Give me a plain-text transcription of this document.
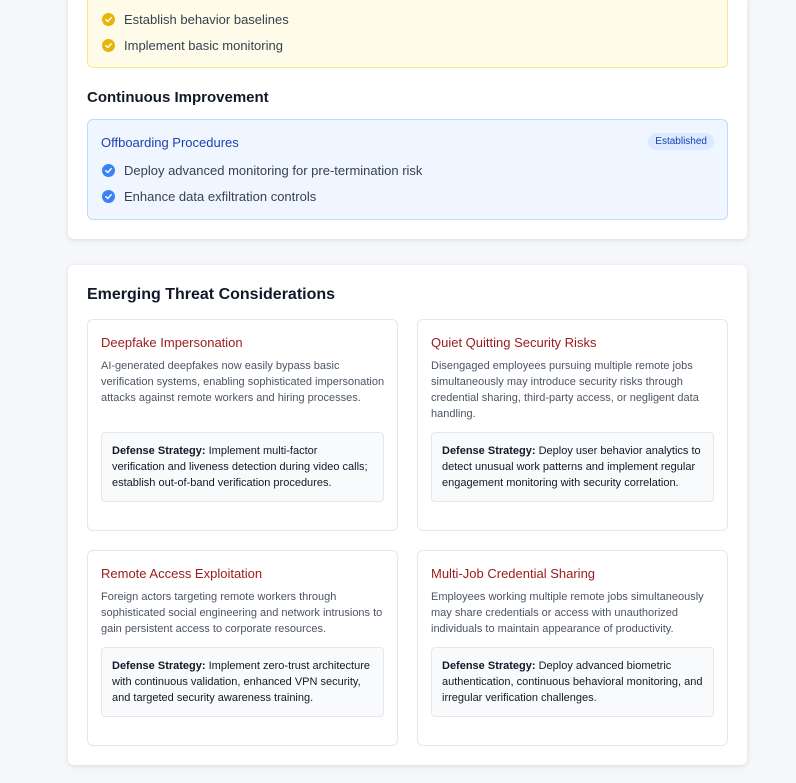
Establish behavior baselines
Implement basic monitoring
Continuous Improvement
Offboarding Procedures	Established
Deploy advanced monitoring for pre-termination risk
Enhance data exfiltration controls
Emerging Threat Considerations
Deepfake Impersonation
AI-generated deepfakes now easily bypass basic verification systems, enabling sophisticated impersonation attacks against remote workers and hiring processes.
Defense Strategy: Implement multi-factor verification and liveness detection during video calls; establish out-of-band verification procedures.
Quiet Quitting Security Risks
Disengaged employees pursuing multiple remote jobs simultaneously may introduce security risks through credential sharing, third-party access, or negligent data handling.
Defense Strategy: Deploy user behavior analytics to detect unusual work patterns and implement regular engagement monitoring with security correlation.
Remote Access Exploitation
Foreign actors targeting remote workers through sophisticated social engineering and network intrusions to gain persistent access to corporate resources.
Defense Strategy: Implement zero-trust architecture with continuous validation, enhanced VPN security, and targeted security awareness training.
Multi-Job Credential Sharing
Employees working multiple remote jobs simultaneously may share credentials or access with unauthorized individuals to maintain appearance of productivity.
Defense Strategy: Deploy advanced biometric authentication, continuous behavioral monitoring, and irregular verification challenges.
